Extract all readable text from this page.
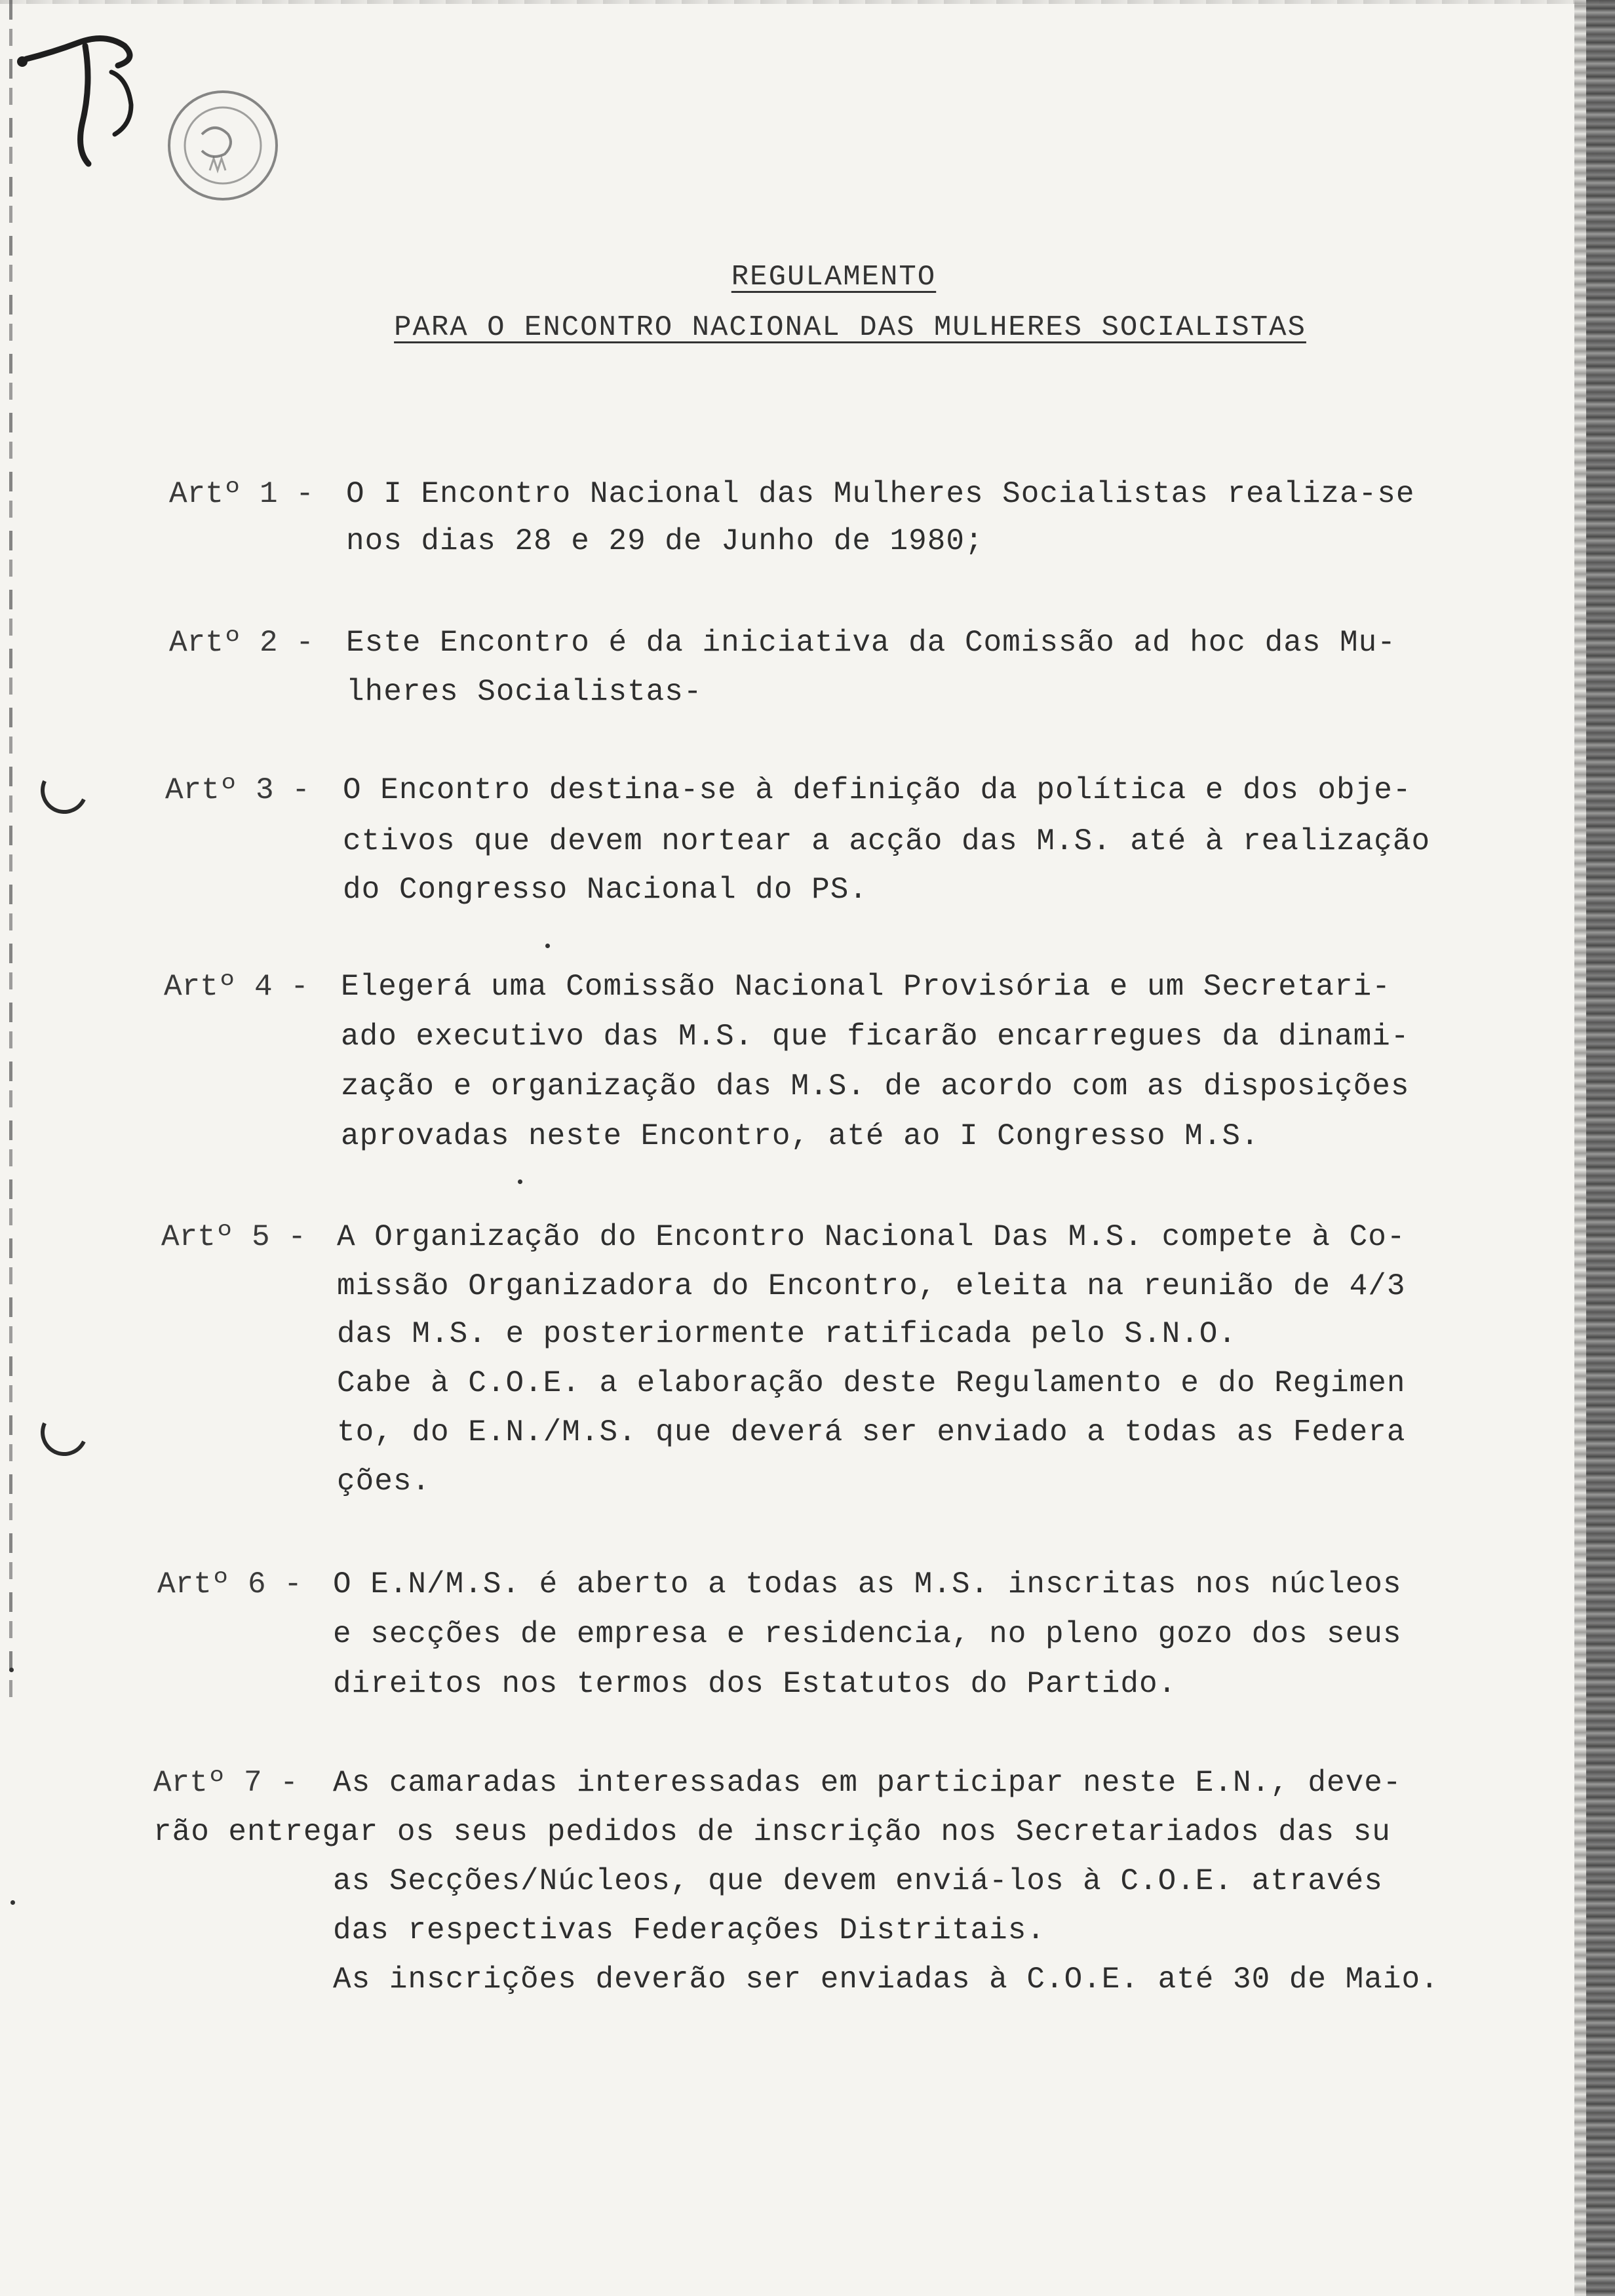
REGULAMENTO
PARA O ENCONTRO NACIONAL DAS MULHERES SOCIALISTAS
Artº 1 - O I Encontro Nacional das Mulheres Socialistas realiza-se
nos dias 28 e 29 de Junho de 1980;
Artº 2 - Este Encontro é da iniciativa da Comissão ad hoc das Mu-
lheres Socialistas-
Artº 3 - O Encontro destina-se à definição da política e dos obje-
ctivos que devem nortear a acção das M.S. até à realização
do Congresso Nacional do PS.
Artº 4 - Elegerá uma Comissão Nacional Provisória e um Secretari-
ado executivo das M.S. que ficarão encarregues da dinami-
zação e organização das M.S. de acordo com as disposições
aprovadas neste Encontro, até ao I Congresso M.S.
Artº 5 - A Organização do Encontro Nacional Das M.S. compete à Co-
missão Organizadora do Encontro, eleita na reunião de 4/3
das M.S. e posteriormente ratificada pelo S.N.O.
Cabe à C.O.E. a elaboração deste Regulamento e do Regimen
to, do E.N./M.S. que deverá ser enviado a todas as Federa
ções.
Artº 6 - O E.N/M.S. é aberto a todas as M.S. inscritas nos núcleos
e secções de empresa e residencia, no pleno gozo dos seus
direitos nos termos dos Estatutos do Partido.
Artº 7 - As camaradas interessadas em participar neste E.N., deve-
rão entregar os seus pedidos de inscrição nos Secretariados das su
as Secções/Núcleos, que devem enviá-los à C.O.E. através
das respectivas Federações Distritais.
As inscrições deverão ser enviadas à C.O.E. até 30 de Maio.
